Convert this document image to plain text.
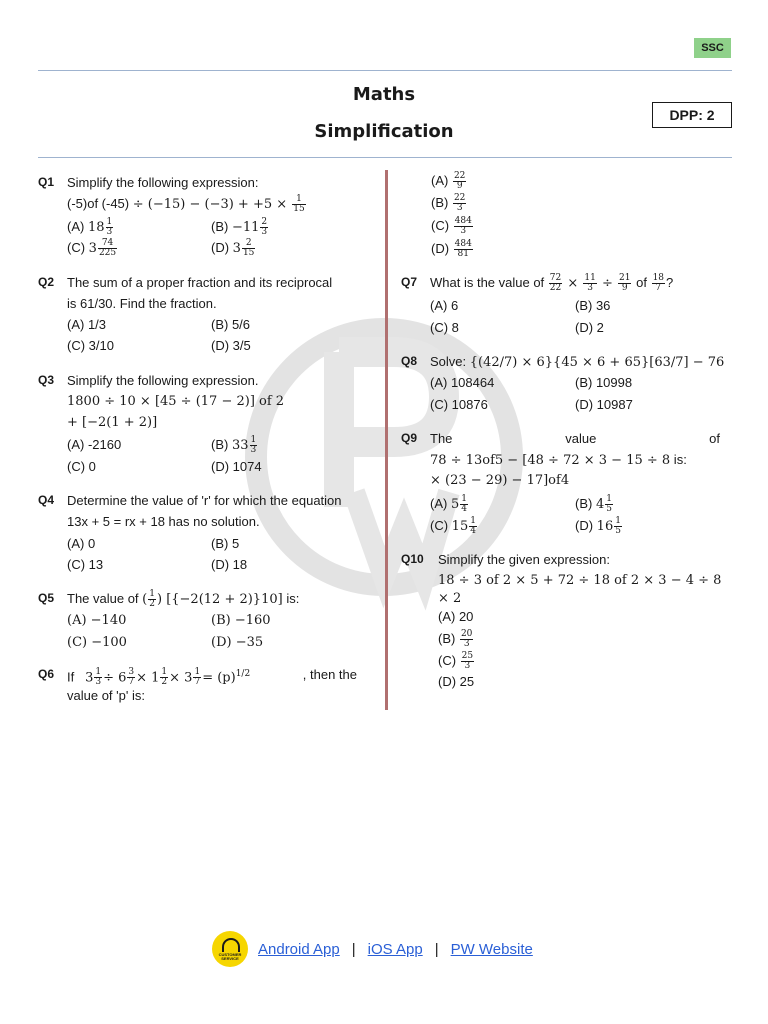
SSC
Maths
Simplification
DPP: 2
Q1 Simplify the following expression:
(-5)of $(-45) \div (-15) - (-3) + +5 \times \frac{1}{15}$
(A) $18 \frac{1}{3}$	$(B) -11 \frac{2}{3}$
(C) $3 \frac{74}{225}$	(D) $3 \frac{2}{15}$
Q2 The sum of a proper fraction and its reciprocal
is 61/30. Find the fraction.
(A) 1/3	(B) 5/6
(C) 3/10	(D) 3/5
Q3 Simplify the following expression.
1800 ÷ 10 × [45 ÷ (17 − 2)] of 2
+ [−2(1 + 2)]
(A) -2160	(B) $33 \frac{1}{3}$
(C) 0	(D) 1074
Q4 Determine the value of 'r' for which the equation
13x + 5 = rx + 18 has no solution.
(A) 0	(B) 5
(C) 13	(D) 18
Q5 The value of ( $\frac{1}{2}$ ) [{−2(12 + 2)}10] is:
(A) −140	(B) −160
(C) −100	(D) −35
Q6 If $3 \frac{1}{3} \div 6 \frac{3}{7} \times 1 \frac{1}{2} \times 3 \frac{1}{7} = (p)^{1/2}$	, then the
value of 'p' is:
$(A) \frac{22}{9}$
$(B) \frac{22}{3}$
$(C) \frac{484}{3}$
$(D) \frac{484}{81}$
Q7 What is the value of $\frac{72}{22} \times \frac{11}{3} \div \frac{21}{9}$ of $\frac{18}{7}$ ?
(A) 6	(B) 36
(C) 8	(D) 2
Q8 Solve: {(42/7) × 6}{45 × 6 + 65}[63/7] − 76
(A) 108464	(B) 10998
(C) 10876	(D) 10987
Q9 The	value	of
78 ÷ 13of5 − [48 ÷ 72 × 3 − 15 ÷ 8 is:
× (23 − 29) − 17]of4
(A) $5 \frac{1}{4}$	(B) $4 \frac{1}{5}$
(C) $15 \frac{1}{4}$	(D) $16 \frac{1}{5}$
Q10 Simplify the given expression:
18 ÷ 3 of 2 × 5 + 72 ÷ 18 of 2 × 3 − 4 ÷ 8
× 2
(A) 20
$(B) \frac{20}{3}$
$(C) \frac{25}{3}$
(D) 25
CUSTOMER SERVICE
Android App | iOS App | PW Website
